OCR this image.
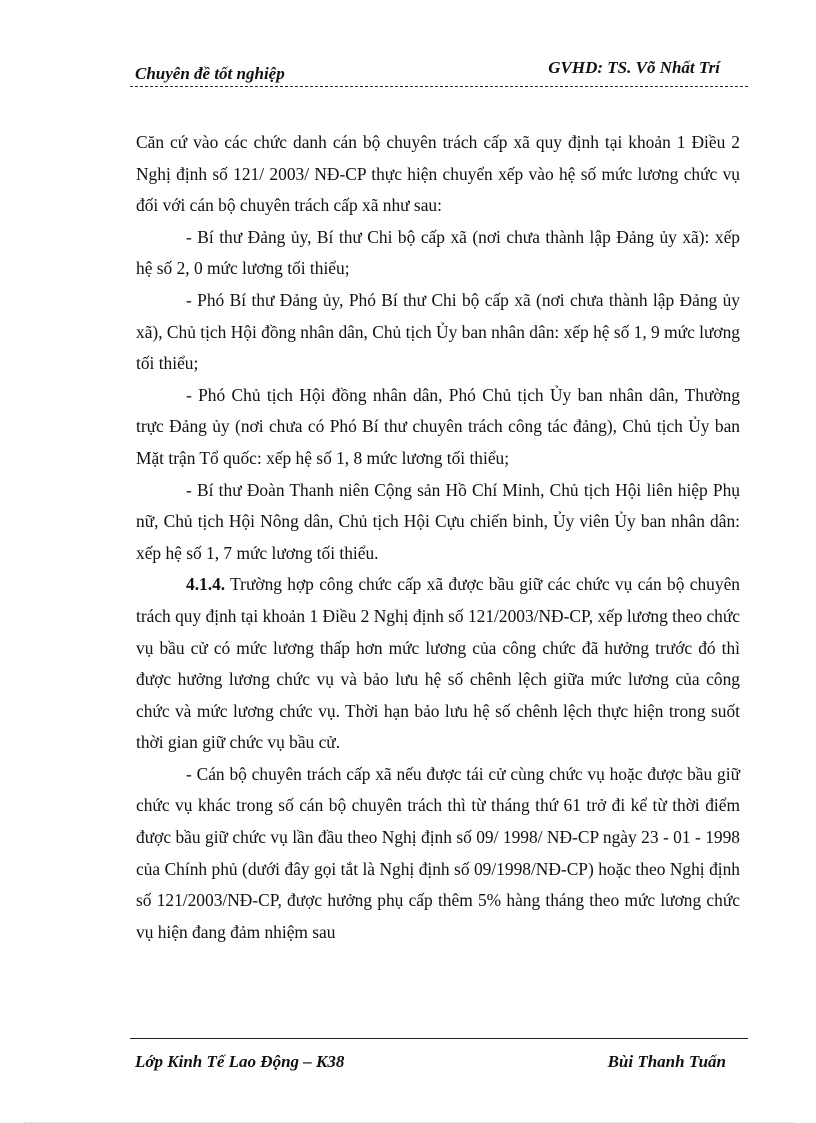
Chuyên đề tốt nghiệp	GVHD: TS. Võ Nhất Trí

Căn cứ vào các chức danh cán bộ chuyên trách cấp xã quy định tại khoản 1 Điều 2 Nghị định số 121/ 2003/ NĐ-CP thực hiện chuyển xếp vào hệ số mức lương chức vụ đối với cán bộ chuyên trách cấp xã như sau:

- Bí thư Đảng ủy, Bí thư Chi bộ cấp xã (nơi chưa thành lập Đảng ủy xã): xếp hệ số 2, 0 mức lương tối thiểu;

- Phó Bí thư Đảng ủy, Phó Bí thư Chi bộ cấp xã (nơi chưa thành lập Đảng ủy xã), Chủ tịch Hội đồng nhân dân, Chủ tịch Ủy ban nhân dân: xếp hệ số 1, 9 mức lương tối thiểu;

- Phó Chủ tịch Hội đồng nhân dân, Phó Chủ tịch Ủy ban nhân dân, Thường trực Đảng ủy (nơi chưa có Phó Bí thư chuyên trách công tác đảng), Chủ tịch Ủy ban Mặt trận Tổ quốc: xếp hệ số 1, 8 mức lương tối thiểu;

- Bí thư Đoàn Thanh niên Cộng sản Hồ Chí Minh, Chủ tịch Hội liên hiệp Phụ nữ, Chủ tịch Hội Nông dân, Chủ tịch Hội Cựu chiến binh, Ủy viên Ủy ban nhân dân: xếp hệ số 1, 7 mức lương tối thiểu.

4.1.4. Trường hợp công chức cấp xã được bầu giữ các chức vụ cán bộ chuyên trách quy định tại khoản 1 Điều 2 Nghị định số 121/2003/NĐ-CP, xếp lương theo chức vụ bầu cử có mức lương thấp hơn mức lương của công chức đã hưởng trước đó thì được hưởng lương chức vụ và bảo lưu hệ số chênh lệch giữa mức lương của công chức và mức lương chức vụ. Thời hạn bảo lưu hệ số chênh lệch thực hiện trong suốt thời gian giữ chức vụ bầu cử.

- Cán bộ chuyên trách cấp xã nếu được tái cử cùng chức vụ hoặc được bầu giữ chức vụ khác trong số cán bộ chuyên trách thì từ tháng thứ 61 trở đi kể từ thời điểm được bầu giữ chức vụ lần đầu theo Nghị định số 09/ 1998/ NĐ-CP ngày 23 - 01 - 1998 của Chính phủ (dưới đây gọi tắt là Nghị định số 09/1998/NĐ-CP) hoặc theo Nghị định số 121/2003/NĐ-CP, được hưởng phụ cấp thêm 5% hàng tháng theo mức lương chức vụ hiện đang đảm nhiệm sau

Lớp Kinh Tế Lao Động – K38	Bùi Thanh Tuấn
